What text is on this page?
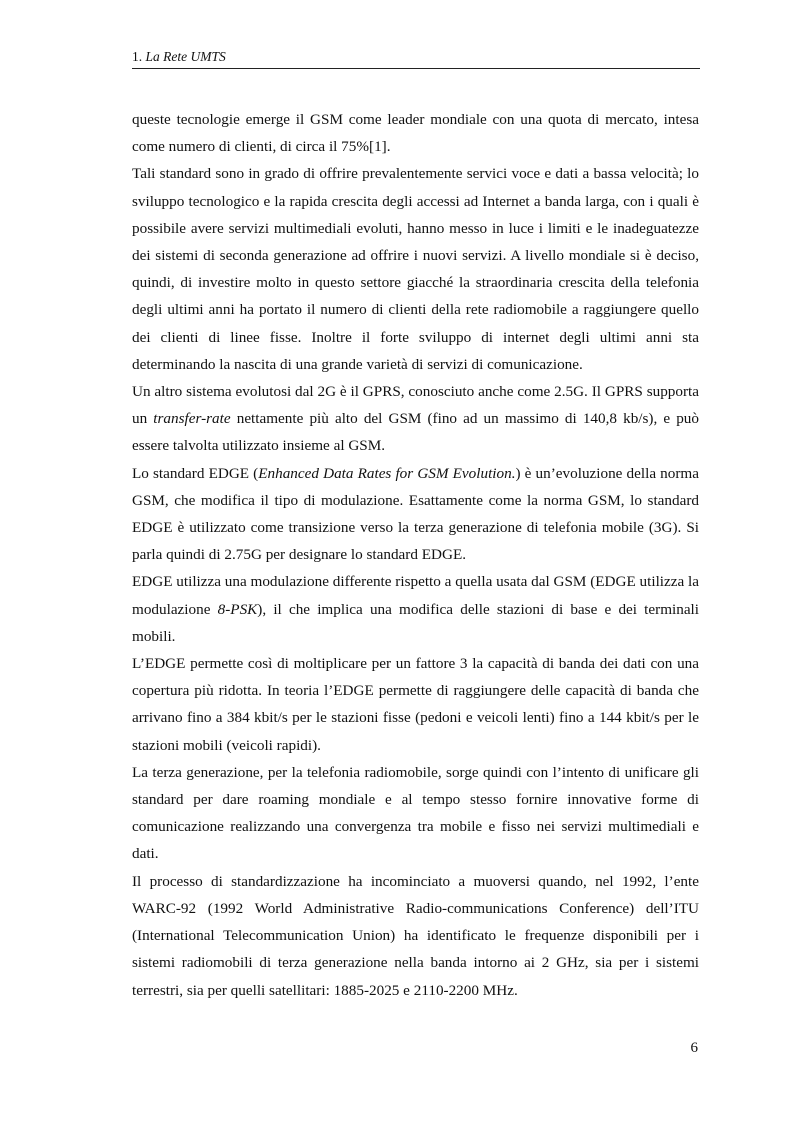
1. La Rete UMTS

queste tecnologie emerge il GSM come leader mondiale con una quota di mercato, intesa come numero di clienti, di circa il 75%[1].

Tali standard sono in grado di offrire prevalentemente servici voce e dati a bassa velocità; lo sviluppo tecnologico e la rapida crescita degli accessi ad Internet a banda larga, con i quali è possibile avere servizi multimediali evoluti, hanno messo in luce i limiti e le inadeguatezze dei sistemi di seconda generazione ad offrire i nuovi servizi. A livello mondiale si è deciso, quindi, di investire molto in questo settore giacché la straordinaria crescita della telefonia degli ultimi anni ha portato il numero di clienti della rete radiomobile a raggiungere quello dei clienti di linee fisse. Inoltre il forte sviluppo di internet degli ultimi anni sta determinando la nascita di una grande varietà di servizi di comunicazione.

Un altro sistema evolutosi dal 2G è il GPRS, conosciuto anche come 2.5G. Il GPRS supporta un transfer-rate nettamente più alto del GSM (fino ad un massimo di 140,8 kb/s), e può essere talvolta utilizzato insieme al GSM.

Lo standard EDGE (Enhanced Data Rates for GSM Evolution.) è un’evoluzione della norma GSM, che modifica il tipo di modulazione. Esattamente come la norma GSM, lo standard EDGE è utilizzato come transizione verso la terza generazione di telefonia mobile (3G). Si parla quindi di 2.75G per designare lo standard EDGE.

EDGE utilizza una modulazione differente rispetto a quella usata dal GSM (EDGE utilizza la modulazione 8-PSK), il che implica una modifica delle stazioni di base e dei terminali mobili.

L’EDGE permette così di moltiplicare per un fattore 3 la capacità di banda dei dati con una copertura più ridotta. In teoria l’EDGE permette di raggiungere delle capacità di banda che arrivano fino a 384 kbit/s per le stazioni fisse (pedoni e veicoli lenti) fino a 144 kbit/s per le stazioni mobili (veicoli rapidi).

La terza generazione, per la telefonia radiomobile, sorge quindi con l’intento di unificare gli standard per dare roaming mondiale e al tempo stesso fornire innovative forme di comunicazione realizzando una convergenza tra mobile e fisso nei servizi multimediali e dati.

Il processo di standardizzazione ha incominciato a muoversi quando, nel 1992, l’ente WARC-92 (1992 World Administrative Radio-communications Conference) dell’ITU (International Telecommunication Union) ha identificato le frequenze disponibili per i sistemi radiomobili di terza generazione nella banda intorno ai 2 GHz, sia per i sistemi terrestri, sia per quelli satellitari: 1885-2025 e 2110-2200 MHz.

6
